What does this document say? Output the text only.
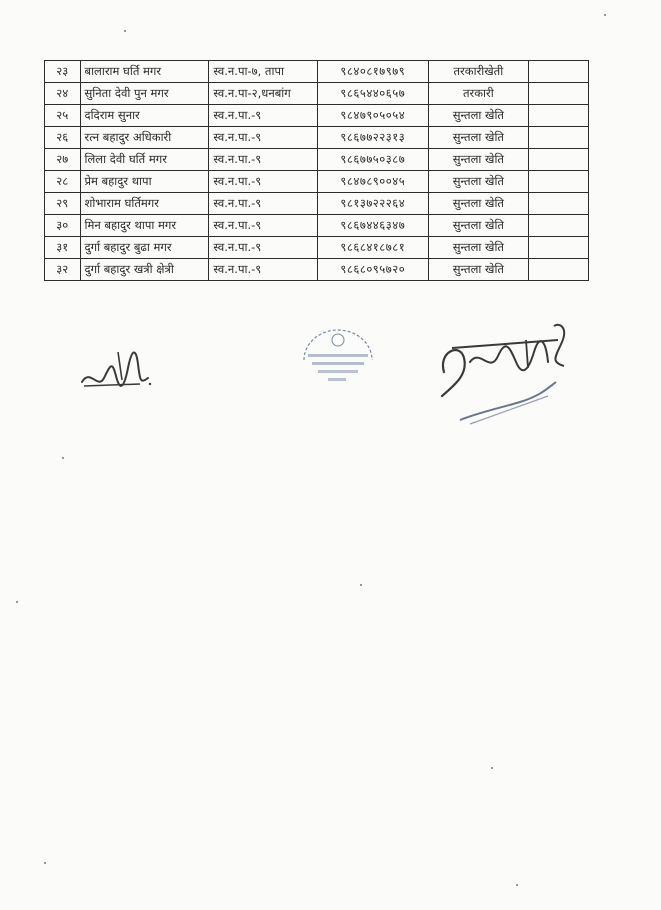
२३	बालाराम घर्ति मगर	स्व.न.पा-७, तापा	९८४०८१७९७९	तरकारीखेती	
२४	सुनिता देवी पुन मगर	स्व.न.पा-२,धनबांग	९८६५४४०६५७	तरकारी	
२५	ददिराम सुनार	स्व.न.पा.-९	९८४७९०५०५४	सुन्तला खेति	
२६	रत्न बहादुर अधिकारी	स्व.न.पा.-९	९८६७७२२३१३	सुन्तला खेति	
२७	लिला देवी घर्ति मगर	स्व.न.पा.-९	९८६७७५०३८७	सुन्तला खेति	
२८	प्रेम बहादुर थापा	स्व.न.पा.-९	९८४७८९००४५	सुन्तला खेति	
२९	शोभाराम घर्तिमगर	स्व.न.पा.-९	९८१३७२२२६४	सुन्तला खेति	
३०	मिन बहादुर थापा मगर	स्व.न.पा.-९	९८६७४४६३४७	सुन्तला खेति	
३१	दुर्गा बहादुर बुढा मगर	स्व.न.पा.-९	९८६८४१८७८१	सुन्तला खेति	
३२	दुर्गा बहादुर खत्री क्षेत्री	स्व.न.पा.-९	९८६८०९५७२०	सुन्तला खेति	
